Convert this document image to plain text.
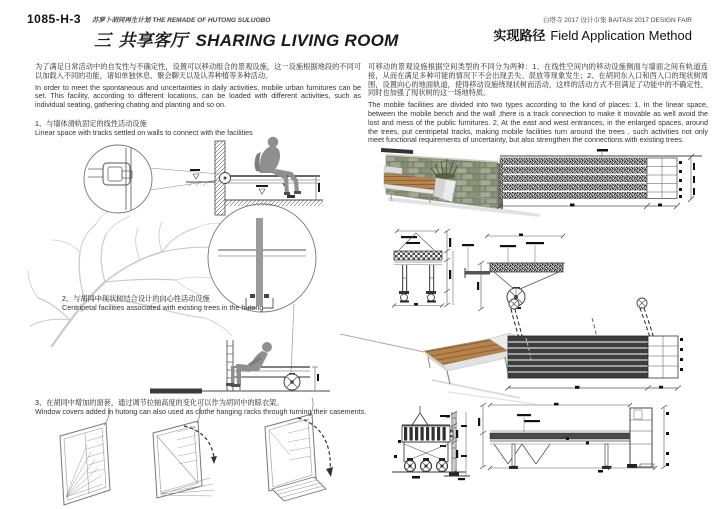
1085-H-3 苏萝卜胡同再生计划 THE REMADE OF HUTONG SULUOBO
三 共享客厅 SHARING LIVING ROOM
白塔寺 2017 设计市集 BAITASI 2017 DESIGN FAIR
实现路径 Field Application Method
为了满足日常活动中的自发性与不确定性，设置可以移动组合的景观设施，这一设施根据地段的不同可以加载入不同的功能，诸如单独休息、聚会聊天以及认养种植等多种活动。
In order to meet the spontaneous and uncertainties in daily activities, mobile urban furnitures can be set. This facility, according to different locations, can be loaded with different activities, such as individual seating, gathering chating and planting and so on.
可移动的景观设施根据空间类型的不同分为两种：1、在线性空间内的移动设施侧面与墙面之间有轨道连接，从而在满足多种可能的情况下不会出现丢失、混放等现象发生；2、在胡同东入口和西入口的现状树周围，设置向心的地面轨道，使得移动设施绕现状树而活动，这样的活动方式不但满足了功能中的不确定性，同时也加强了现状树的这一场地特质。
The mobile facilities are divided into two types according to the kind of places: 1. In the linear space, between the mobile bench and the wall ,there is a track connection to make it movable as well avoid the lost and mess of the public furnitures. 2, At the east and west entrances, in the enlarged spaces, around the trees, put centripetal tracks, making mobile facilities turn around the trees , such activities not only meet functional requirements of uncertainty, but also strengthen the connections with existing trees.
1、与墙体滑轨固定的线性活动设施
Linear space with tracks settled on walls to connect with the facilities
2、与胡同中现状树结合设计的向心性活动设施
Centripetal facilities associated with existing trees in the hutong
3、在胡同中增加的窗套，通过调节拉轴高度的变化可以作为胡同中的晾衣架。
Window covers added in hutong can also used as clothe hanging racks through turning their casements.
